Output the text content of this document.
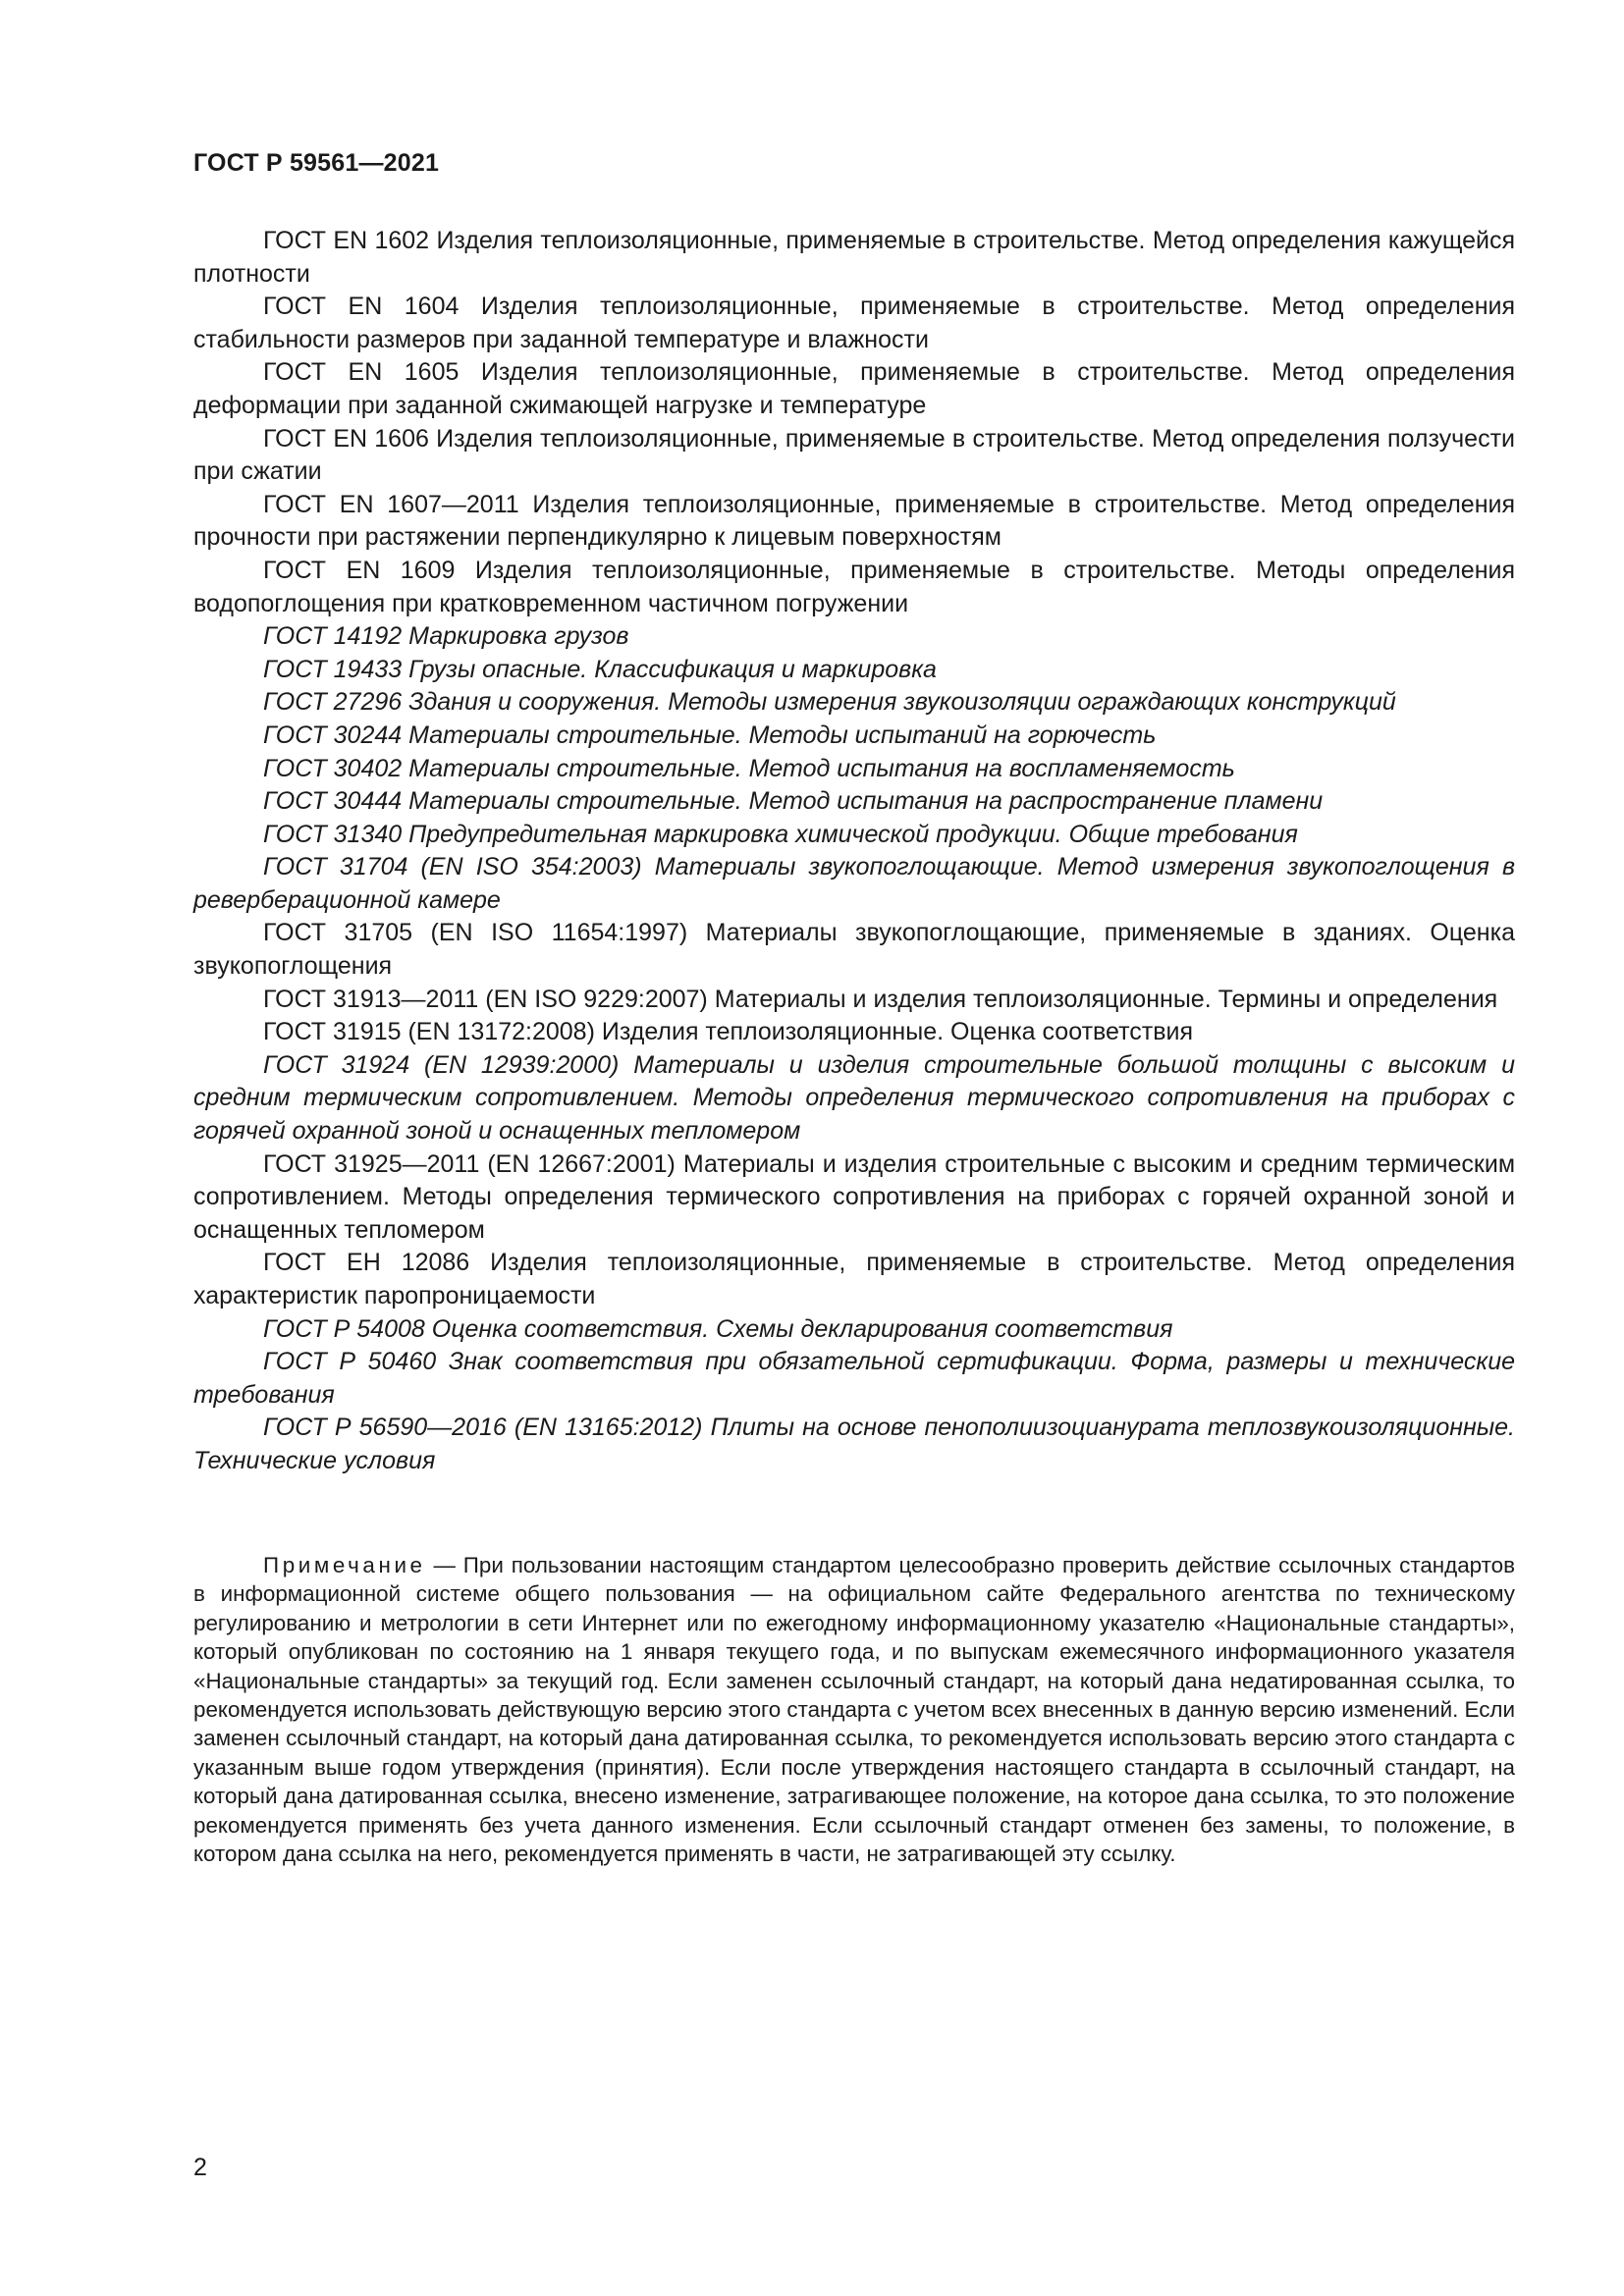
ГОСТ Р 59561—2021

ГОСТ EN 1602 Изделия теплоизоляционные, применяемые в строительстве. Метод определения кажущейся плотности

ГОСТ EN 1604 Изделия теплоизоляционные, применяемые в строительстве. Метод определения стабильности размеров при заданной температуре и влажности

ГОСТ EN 1605 Изделия теплоизоляционные, применяемые в строительстве. Метод определения деформации при заданной сжимающей нагрузке и температуре

ГОСТ EN 1606 Изделия теплоизоляционные, применяемые в строительстве. Метод определения ползучести при сжатии

ГОСТ EN 1607—2011 Изделия теплоизоляционные, применяемые в строительстве. Метод определения прочности при растяжении перпендикулярно к лицевым поверхностям

ГОСТ EN 1609 Изделия теплоизоляционные, применяемые в строительстве. Методы определения водопоглощения при кратковременном частичном погружении

ГОСТ 14192 Маркировка грузов

ГОСТ 19433 Грузы опасные. Классификация и маркировка

ГОСТ 27296 Здания и сооружения. Методы измерения звукоизоляции ограждающих конструкций

ГОСТ 30244 Материалы строительные. Методы испытаний на горючесть

ГОСТ 30402 Материалы строительные. Метод испытания на воспламеняемость

ГОСТ 30444 Материалы строительные. Метод испытания на распространение пламени

ГОСТ 31340 Предупредительная маркировка химической продукции. Общие требования

ГОСТ 31704 (EN ISO 354:2003) Материалы звукопоглощающие. Метод измерения звукопоглощения в реверберационной камере

ГОСТ 31705 (EN ISO 11654:1997) Материалы звукопоглощающие, применяемые в зданиях. Оценка звукопоглощения

ГОСТ 31913—2011 (EN ISO 9229:2007) Материалы и изделия теплоизоляционные. Термины и определения

ГОСТ 31915 (EN 13172:2008) Изделия теплоизоляционные. Оценка соответствия

ГОСТ 31924 (EN 12939:2000) Материалы и изделия строительные большой толщины с высоким и средним термическим сопротивлением. Методы определения термического сопротивления на приборах с горячей охранной зоной и оснащенных тепломером

ГОСТ 31925—2011 (EN 12667:2001) Материалы и изделия строительные с высоким и средним термическим сопротивлением. Методы определения термического сопротивления на приборах с горячей охранной зоной и оснащенных тепломером

ГОСТ ЕН 12086 Изделия теплоизоляционные, применяемые в строительстве. Метод определения характеристик паропроницаемости

ГОСТ Р 54008 Оценка соответствия. Схемы декларирования соответствия

ГОСТ Р 50460 Знак соответствия при обязательной сертификации. Форма, размеры и технические требования

ГОСТ Р 56590—2016 (EN 13165:2012) Плиты на основе пенополиизоцианурата теплозвукоизоляционные. Технические условия

Примечание — При пользовании настоящим стандартом целесообразно проверить действие ссылочных стандартов в информационной системе общего пользования — на официальном сайте Федерального агентства по техническому регулированию и метрологии в сети Интернет или по ежегодному информационному указателю «Национальные стандарты», который опубликован по состоянию на 1 января текущего года, и по выпускам ежемесячного информационного указателя «Национальные стандарты» за текущий год. Если заменен ссылочный стандарт, на который дана недатированная ссылка, то рекомендуется использовать действующую версию этого стандарта с учетом всех внесенных в данную версию изменений. Если заменен ссылочный стандарт, на который дана датированная ссылка, то рекомендуется использовать версию этого стандарта с указанным выше годом утверждения (принятия). Если после утверждения настоящего стандарта в ссылочный стандарт, на который дана датированная ссылка, внесено изменение, затрагивающее положение, на которое дана ссылка, то это положение рекомендуется применять без учета данного изменения. Если ссылочный стандарт отменен без замены, то положение, в котором дана ссылка на него, рекомендуется применять в части, не затрагивающей эту ссылку.

2
